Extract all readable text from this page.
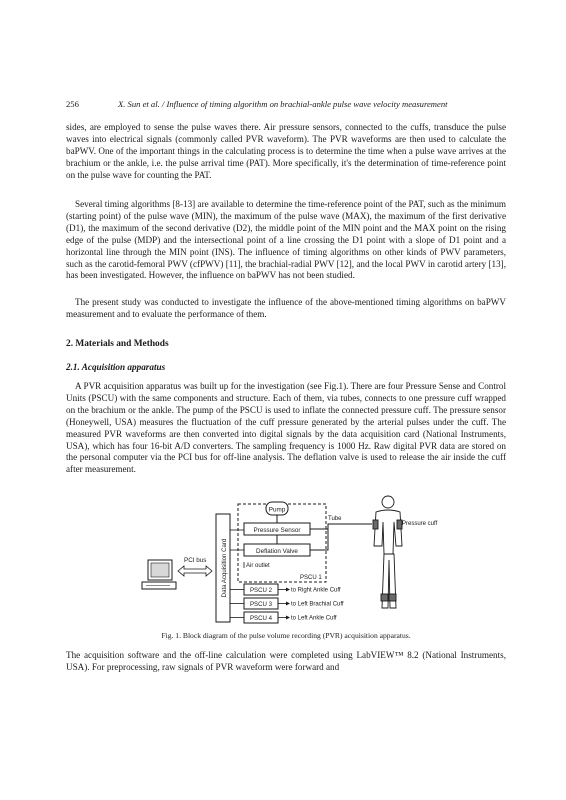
256	X. Sun et al. / Influence of timing algorithm on brachial-ankle pulse wave velocity measurement

sides, are employed to sense the pulse waves there. Air pressure sensors, connected to the cuffs, transduce the pulse waves into electrical signals (commonly called PVR waveform). The PVR waveforms are then used to calculate the baPWV. One of the important things in the calculating process is to determine the time when a pulse wave arrives at the brachium or the ankle, i.e. the pulse arrival time (PAT). More specifically, it's the determination of time-reference point on the pulse wave for counting the PAT.

Several timing algorithms [8-13] are available to determine the time-reference point of the PAT, such as the minimum (starting point) of the pulse wave (MIN), the maximum of the pulse wave (MAX), the maximum of the first derivative (D1), the maximum of the second derivative (D2), the middle point of the MIN point and the MAX point on the rising edge of the pulse (MDP) and the intersectional point of a line crossing the D1 point with a slope of D1 point and a horizontal line through the MIN point (INS). The influence of timing algorithms on other kinds of PWV parameters, such as the carotid-femoral PWV (cfPWV) [11], the brachial-radial PWV [12], and the local PWV in carotid artery [13], has been investigated. However, the influence on baPWV has not been studied.

The present study was conducted to investigate the influence of the above-mentioned timing algorithms on baPWV measurement and to evaluate the performance of them.

2. Materials and Methods
2.1. Acquisition apparatus

A PVR acquisition apparatus was built up for the investigation (see Fig.1). There are four Pressure Sense and Control Units (PSCU) with the same components and structure. Each of them, via tubes, connects to one pressure cuff wrapped on the brachium or the ankle. The pump of the PSCU is used to inflate the connected pressure cuff. The pressure sensor (Honeywell, USA) measures the fluctuation of the cuff pressure generated by the arterial pulses under the cuff. The measured PVR waveforms are then converted into digital signals by the data acquisition card (National Instruments, USA), which has four 16-bit A/D converters. The sampling frequency is 1000 Hz. Raw digital PVR data are stored on the personal computer via the PCI bus for off-line analysis. The deflation valve is used to release the air inside the cuff after measurement.

PCI bus Data Acquisition Card
Pump
Pressure Sensor
Deflation Valve
Air outlet
PSCU 1
Tube
PSCU 2
PSCU 3
PSCU 4
to Right Ankle Cuff
to Left Brachial Cuff
to Left Ankle Cuff
Pressure cuff

Fig. 1. Block diagram of the pulse volume recording (PVR) acquisition apparatus.

The acquisition software and the off-line calculation were completed using LabVIEW™ 8.2 (National Instruments, USA). For preprocessing, raw signals of PVR waveform were forward and
